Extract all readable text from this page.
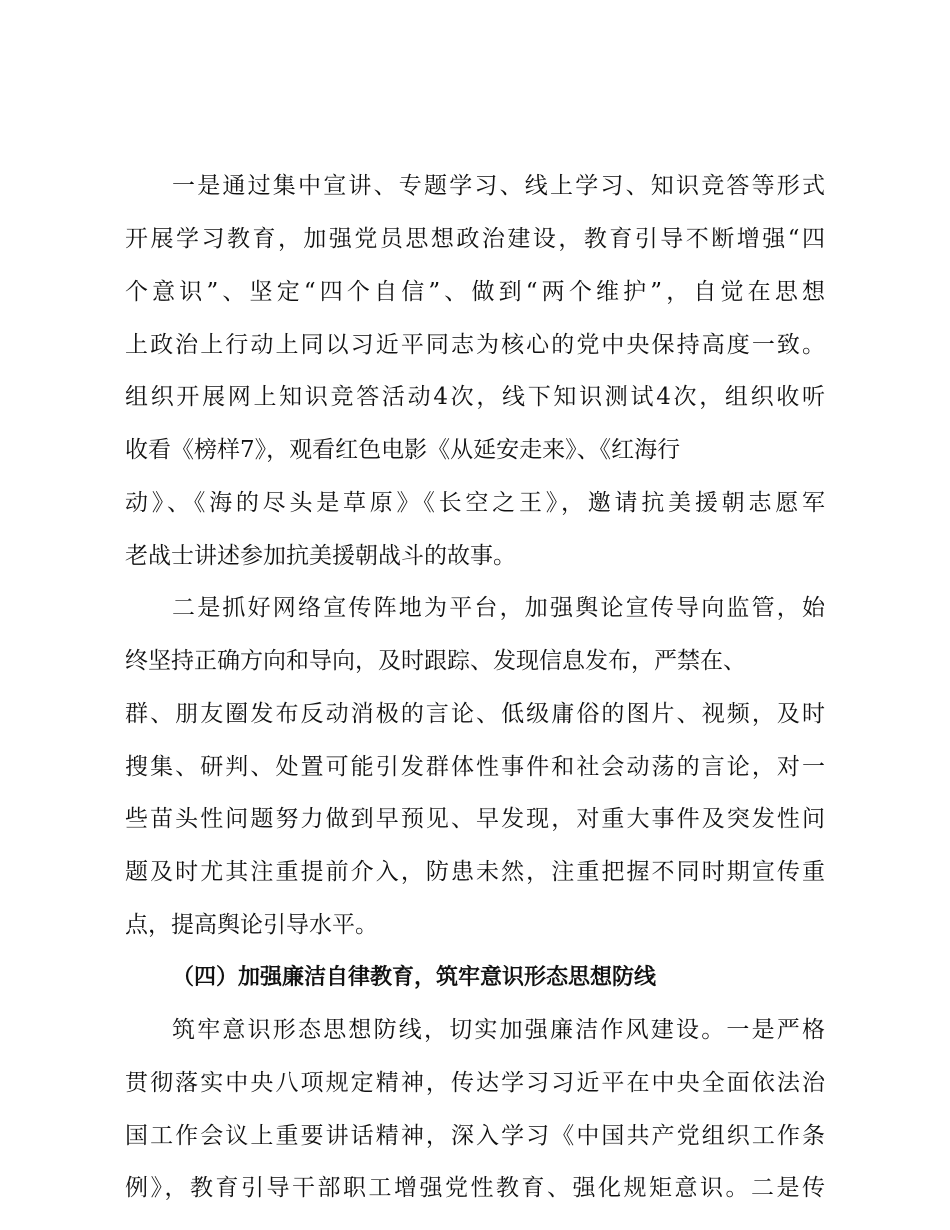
一是通过集中宣讲、专题学习、线上学习、知识竞答等形式
开展学习教育，加强党员思想政治建设，教育引导不断增强“四
个意识”、坚定“四个自信”、做到“两个维护”，自觉在思想
上政治上行动上同以习近平同志为核心的党中央保持高度一致。
组织开展网上知识竞答活动4次，线下知识测试4次，组织收听
收看《榜样7》，观看红色电影《从延安走来》、《红海行
动》、《海的尽头是草原》《长空之王》，邀请抗美援朝志愿军
老战士讲述参加抗美援朝战斗的故事。
二是抓好网络宣传阵地为平台，加强舆论宣传导向监管，始
终坚持正确方向和导向，及时跟踪、发现信息发布，严禁在、
群、朋友圈发布反动消极的言论、低级庸俗的图片、视频，及时
搜集、研判、处置可能引发群体性事件和社会动荡的言论，对一
些苗头性问题努力做到早预见、早发现，对重大事件及突发性问
题及时尤其注重提前介入，防患未然，注重把握不同时期宣传重
点，提高舆论引导水平。
（四）加强廉洁自律教育，筑牢意识形态思想防线
筑牢意识形态思想防线，切实加强廉洁作风建设。一是严格
贯彻落实中央八项规定精神，传达学习习近平在中央全面依法治
国工作会议上重要讲话精神，深入学习《中国共产党组织工作条
例》，教育引导干部职工增强党性教育、强化规矩意识。二是传
